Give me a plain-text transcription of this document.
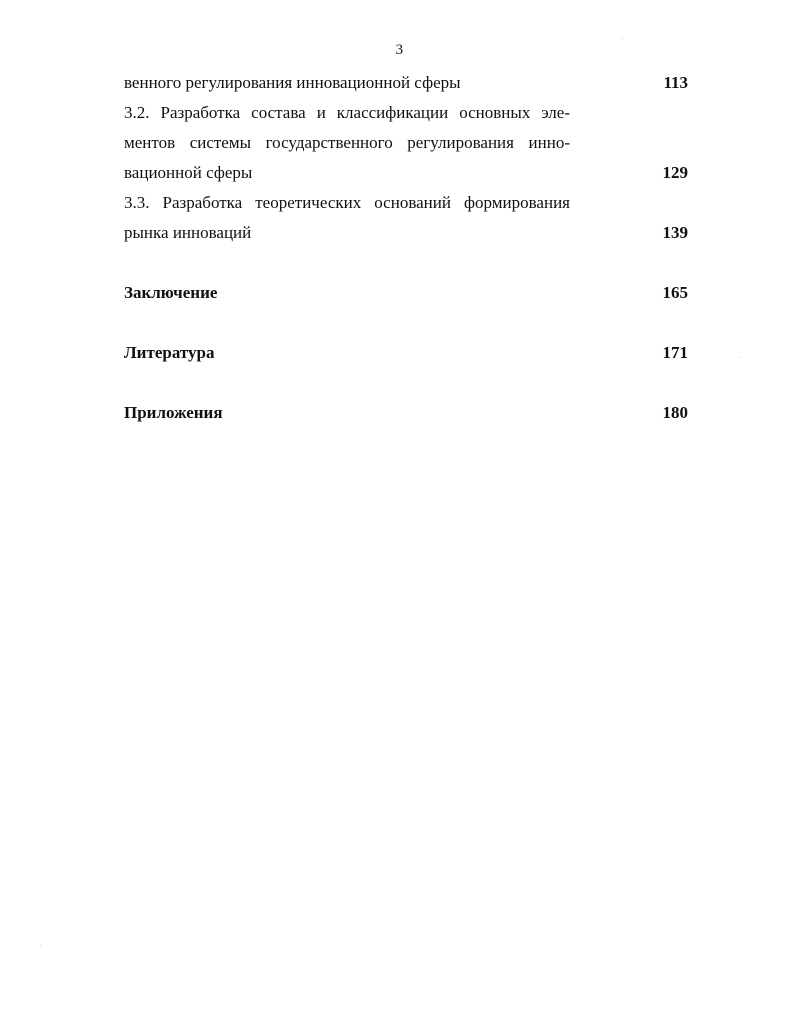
3
венного регулирования инновационной сферы	113
3.2. Разработка состава и классификации основных эле-
ментов системы государственного регулирования инно-
вационной сферы	129
3.3. Разработка теоретических оснований формирования
рынка инноваций	139
Заключение	165
Литература	171
Приложения	180
